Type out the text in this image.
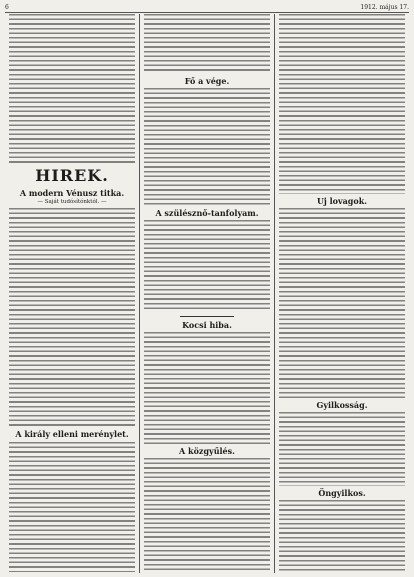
6	1912. május 17.
HIREK.
A modern Vénusz titka.
— Saját tudósítónktól. —
A király elleni merénylet.
Fő a vége.
A szülésznő-tanfolyam.
Kocsi hiba.
A közgyűlés.
Uj lovagok.
Gyilkosság.
Öngyilkos.
